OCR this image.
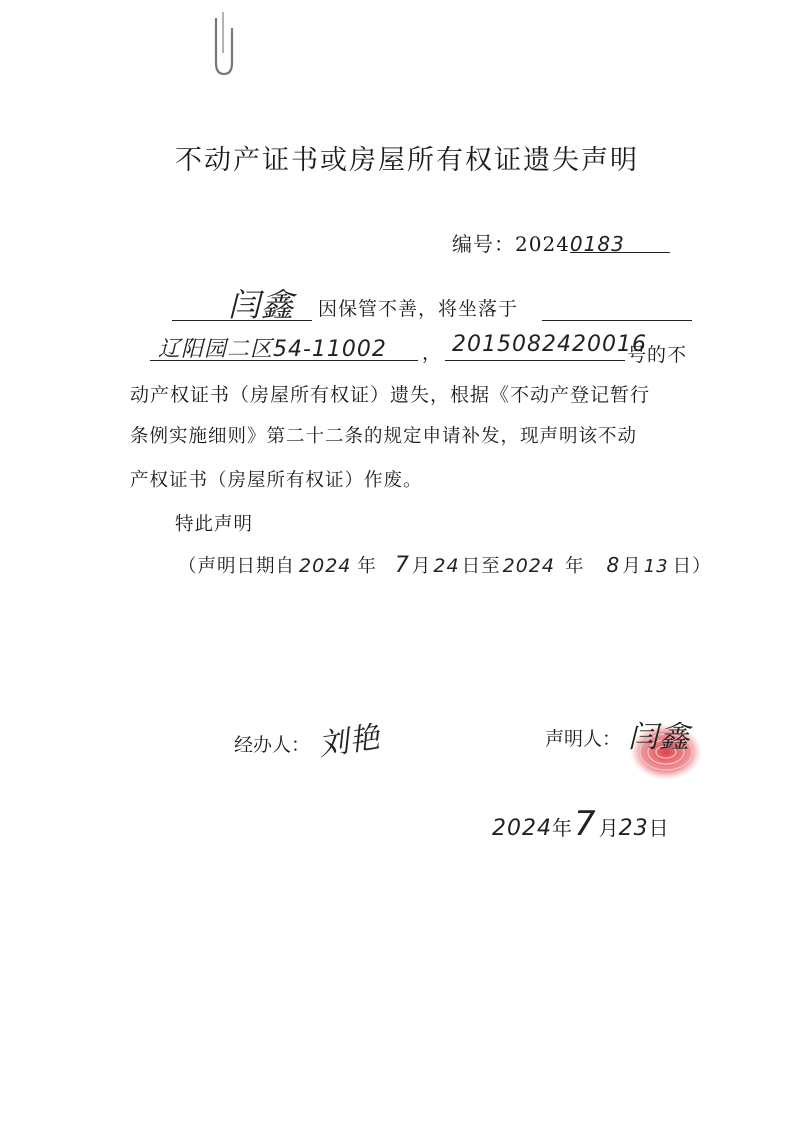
不动产证书或房屋所有权证遗失声明
编号：20240183
闫鑫 因保管不善，将坐落于
辽阳园二区54-11002 ， 2015082420016
号的不
动产权证书（房屋所有权证）遗失，根据《不动产登记暂行
条例实施细则》第二十二条的规定申请补发，现声明该不动
产权证书（房屋所有权证）作废。
特此声明
（声明日期自 2024 年 7 月 24 日至 2024 年 8 月 13 日）
经办人： 刘艳	声明人： 闫鑫
2024年7 月23日
